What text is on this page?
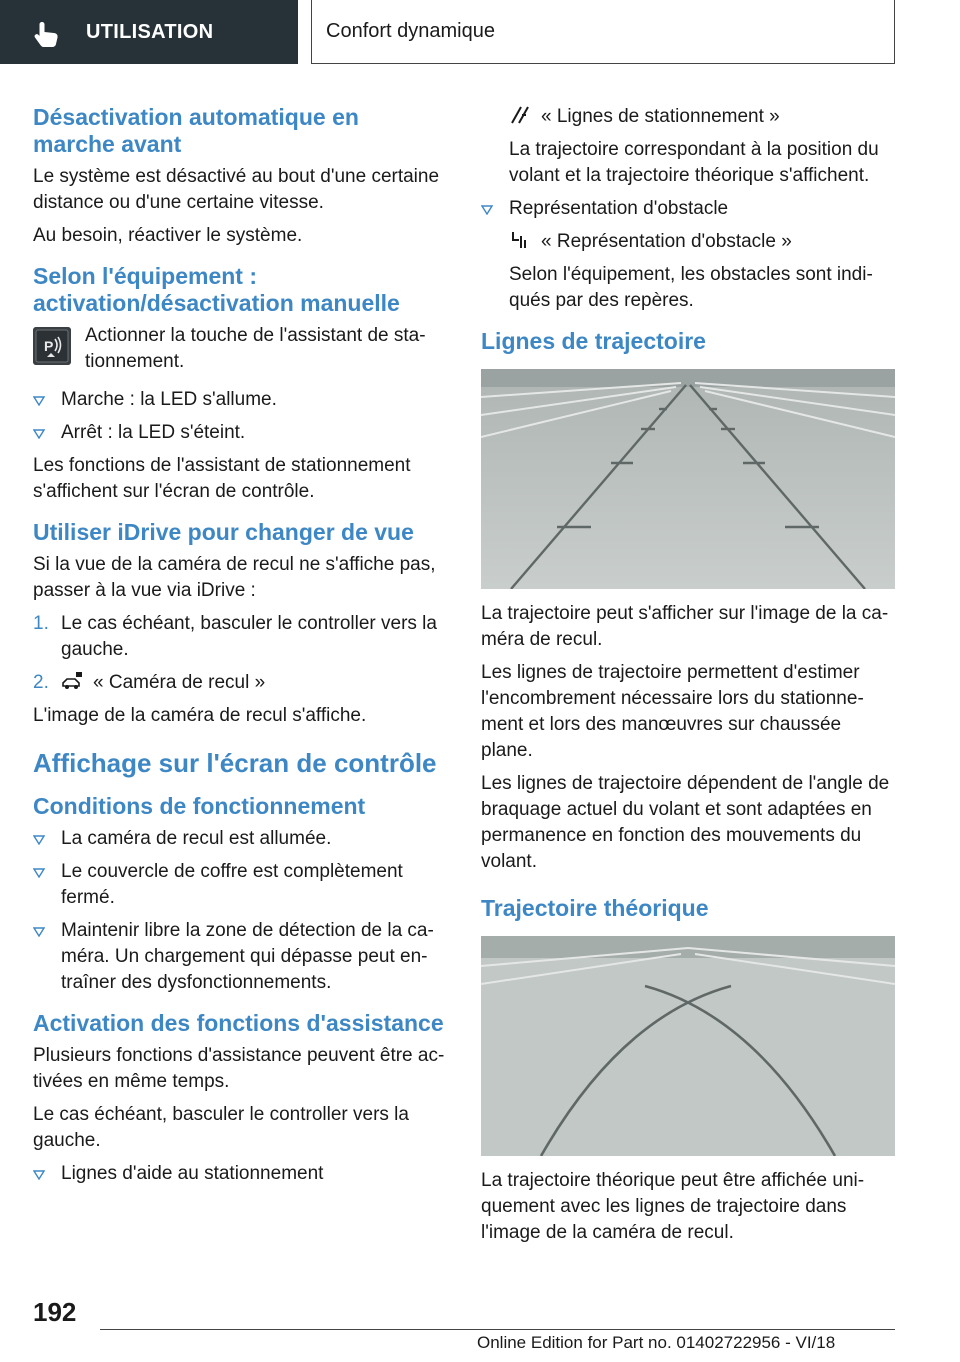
UTILISATION	Confort dynamique
Désactivation automatique en marche avant

Le système est désactivé au bout d'une certaine distance ou d'une certaine vitesse.

Au besoin, réactiver le système.

Selon l'équipement : activation/désactivation manuelle
P Actionner la touche de l'assistant de sta-tionnement.

Marche : la LED s'allume.
Arrêt : la LED s'éteint.

Les fonctions de l'assistant de stationnement s'affichent sur l'écran de contrôle.

Utiliser iDrive pour changer de vue

Si la vue de la caméra de recul ne s'affiche pas, passer à la vue via iDrive :

1. Le cas échéant, basculer le controller vers la gauche.
2. « Caméra de recul »

L'image de la caméra de recul s'affiche.

Affichage sur l'écran de contrôle
Conditions de fonctionnement
La caméra de recul est allumée.
Le couvercle de coffre est complètement fermé.
Maintenir libre la zone de détection de la ca-méra. Un chargement qui dépasse peut en-traîner des dysfonctionnements.
Activation des fonctions d'assistance

Plusieurs fonctions d'assistance peuvent être ac-tivées en même temps.

Le cas échéant, basculer le controller vers la gauche.

Lignes d'aide au stationnement
« Lignes de stationnement »

La trajectoire correspondant à la position du volant et la trajectoire théorique s'affichent.

Représentation d'obstacle
« Représentation d'obstacle »

Selon l'équipement, les obstacles sont indi-qués par des repères.

Lignes de trajectoire

La trajectoire peut s'afficher sur l'image de la ca-méra de recul.

Les lignes de trajectoire permettent d'estimer l'encombrement nécessaire lors du stationne-ment et lors des manœuvres sur chaussée plane.

Les lignes de trajectoire dépendent de l'angle de braquage actuel du volant et sont adaptées en permanence en fonction des mouvements du volant.

Trajectoire théorique

La trajectoire théorique peut être affichée uni-quement avec les lignes de trajectoire dans l'image de la caméra de recul.

192
Online Edition for Part no. 01402722956 - VI/18
